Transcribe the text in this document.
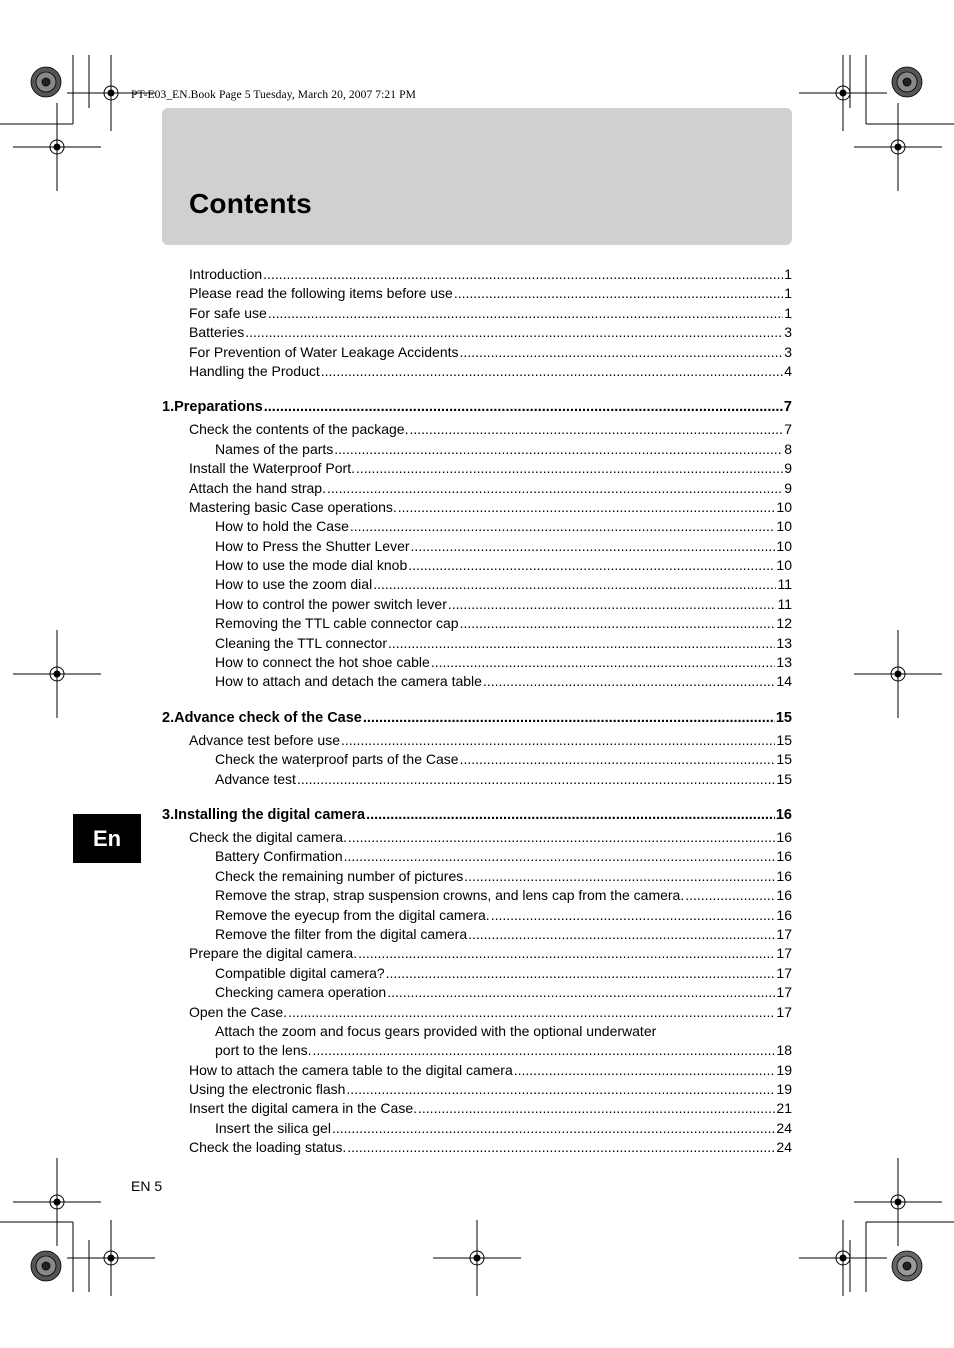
PT-E03_EN.Book Page 5 Tuesday, March 20, 2007 7:21 PM
Contents
Introduction .....	1
Please read the following items before use .....	1
For safe use .....	1
Batteries .....	3
For Prevention of Water Leakage Accidents .....	3
Handling the Product .....	4
1.Preparations .....	7
Check the contents of the package. .....	7
Names of the parts .....	8
Install the Waterproof Port. .....	9
Attach the hand strap. .....	9
Mastering basic Case operations. .....	10
How to hold the Case .....	10
How to Press the Shutter Lever .....	10
How to use the mode dial knob .....	10
How to use the zoom dial .....	11
How to control the power switch lever .....	11
Removing the TTL cable connector cap .....	12
Cleaning the TTL connector .....	13
How to connect the hot shoe cable .....	13
How to attach and detach the camera table .....	14
2.Advance check of the Case .....	15
Advance test before use .....	15
Check the waterproof parts of the Case .....	15
Advance test .....	15
3.Installing the digital camera .....	16
Check the digital camera. .....	16
Battery Confirmation .....	16
Check the remaining number of pictures .....	16
Remove the strap, strap suspension crowns, and lens cap from the camera. .....	16
Remove the eyecup from the digital camera. .....	16
Remove the filter from the digital camera .....	17
Prepare the digital camera. .....	17
Compatible digital camera? .....	17
Checking camera operation .....	17
Open the Case. .....	17
Attach the zoom and focus gears provided with the optional underwater
port to the lens. .....	18
How to attach the camera table to the digital camera .....	19
Using the electronic flash .....	19
Insert the digital camera in the Case. .....	21
Insert the silica gel .....	24
Check the loading status. .....	24
En
EN 5
